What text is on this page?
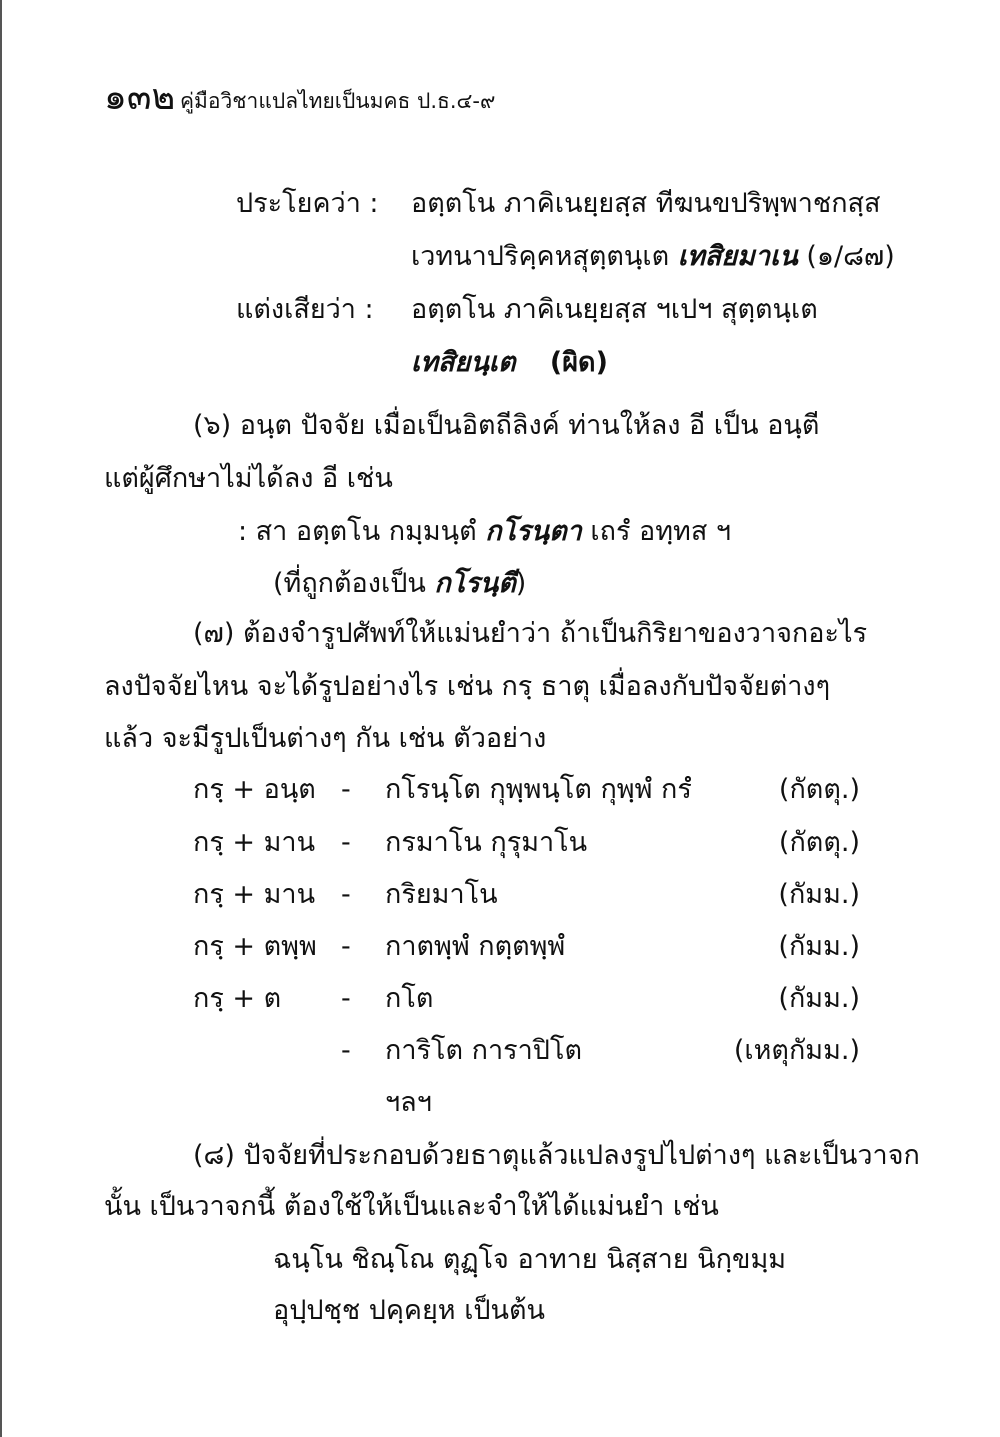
๑๓๒ คู่มือวิชาแปลไทยเป็นมคธ ป.ธ.๔-๙
ประโยคว่า : อตฺตโน ภาคิเนยฺยสฺส ทีฆนขปริพฺพาชกสฺส
เวทนาปริคฺคหสุตฺตนฺเต เทสิยมาเน (๑/๘๗)
แต่งเสียว่า : อตฺตโน ภาคิเนยฺยสฺส ฯเปฯ สุตฺตนฺเต
เทสิยนฺเต (ผิด)
(๖) อนฺต ปัจจัย เมื่อเป็นอิตถีลิงค์ ท่านให้ลง อี เป็น อนฺตี
แต่ผู้ศึกษาไม่ได้ลง อี เช่น
: สา อตฺตโน กมฺมนฺตํ กโรนฺตา เถรํ อทฺทส ฯ
(ที่ถูกต้องเป็น กโรนฺตี)
(๗) ต้องจำรูปศัพท์ให้แม่นยำว่า ถ้าเป็นกิริยาของวาจกอะไร
ลงปัจจัยไหน จะได้รูปอย่างไร เช่น กรฺ ธาตุ เมื่อลงกับปัจจัยต่างๆ
แล้ว จะมีรูปเป็นต่างๆ กัน เช่น ตัวอย่าง
กรฺ + อนฺต - กโรนฺโต กุพฺพนฺโต กุพฺพํ กรํ	(กัตตุ.)
กรฺ + มาน - กรมาโน กุรุมาโน	(กัตตุ.)
กรฺ + มาน - กริยมาโน	(กัมม.)
กรฺ + ตพฺพ - กาตพฺพํ กตฺตพฺพํ	(กัมม.)
กรฺ + ต - กโต	(กัมม.)
- การิโต การาปิโต	(เหตุกัมม.)
ฯลฯ
(๘) ปัจจัยที่ประกอบด้วยธาตุแล้วแปลงรูปไปต่างๆ และเป็นวาจก
นั้น เป็นวาจกนี้ ต้องใช้ให้เป็นและจำให้ได้แม่นยำ เช่น
ฉนฺโน ชิณฺโณ ตุฏฺโจ อาทาย นิสฺสาย นิกฺขมฺม
อุปฺปชฺช ปคฺคยฺห เป็นต้น
